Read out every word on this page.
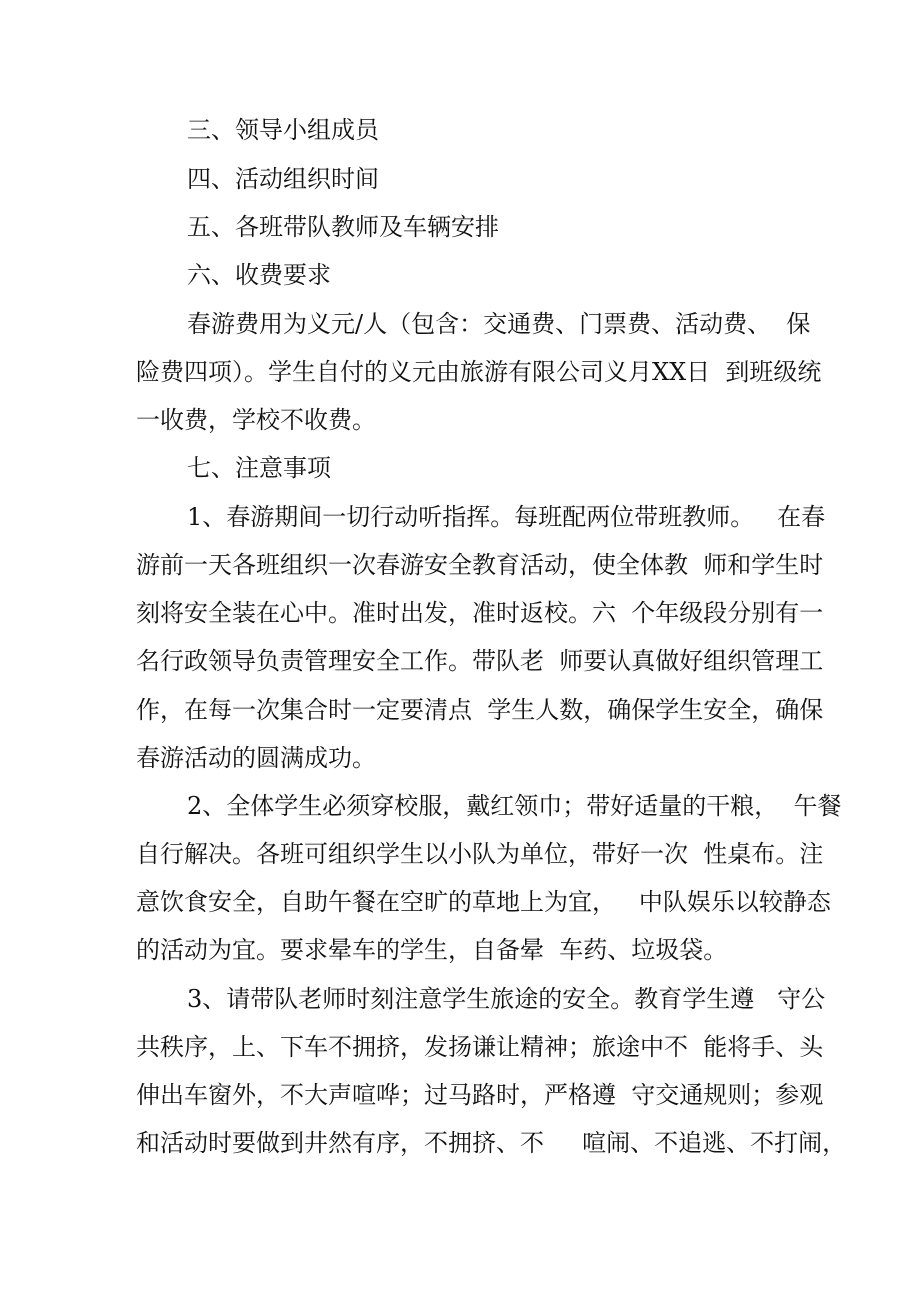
三、领导小组成员
四、活动组织时间
五、各班带队教师及车辆安排
六、收费要求
春游费用为义元/人（包含：交通费、门票费、活动费、  保
险费四项）。学生自付的义元由旅游有限公司义月XX日  到班级统
一收费，学校不收费。
七、注意事项
1、春游期间一切行动听指挥。每班配两位带班教师。   在春
游前一天各班组织一次春游安全教育活动，使全体教  师和学生时
刻将安全装在心中。准时出发，准时返校。六  个年级段分别有一
名行政领导负责管理安全工作。带队老  师要认真做好组织管理工
作，在每一次集合时一定要清点  学生人数，确保学生安全，确保
春游活动的圆满成功。
2、全体学生必须穿校服，戴红领巾；带好适量的干粮，  午餐
自行解决。各班可组织学生以小队为单位，带好一次  性桌布。注
意饮食安全，自助午餐在空旷的草地上为宜，   中队娱乐以较静态
的活动为宜。要求晕车的学生，自备晕  车药、垃圾袋。
3、请带队老师时刻注意学生旅途的安全。教育学生遵   守公
共秩序，上、下车不拥挤，发扬谦让精神；旅途中不  能将手、头
伸出车窗外，不大声喧哗；过马路时，严格遵  守交通规则；参观
和活动时要做到井然有序，不拥挤、不     喧闹、不追逃、不打闹，
